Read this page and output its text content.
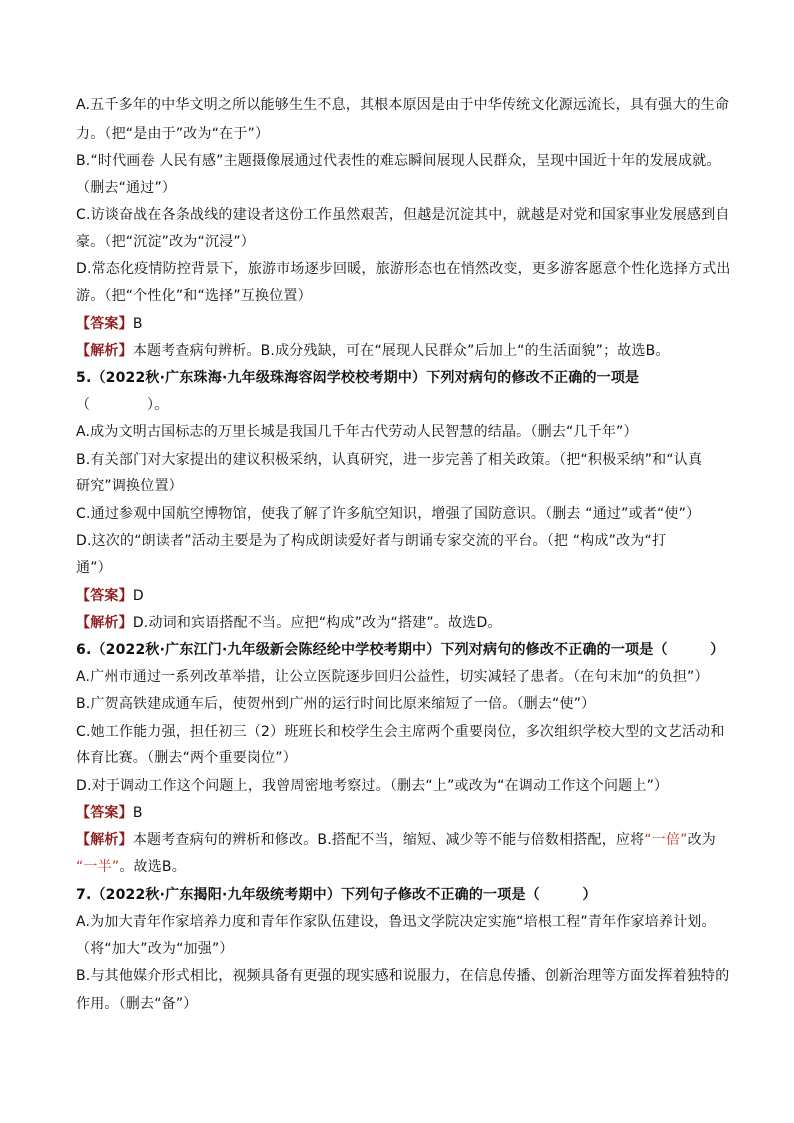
A.五千多年的中华文明之所以能够生生不息，其根本原因是由于中华传统文化源远流长，具有强大的生命
力。（把“是由于”改为“在于”）
B.“时代画卷 人民有感”主题摄像展通过代表性的难忘瞬间展现人民群众，呈现中国近十年的发展成就。
（删去“通过”）
C.访谈奋战在各条战线的建设者这份工作虽然艰苦，但越是沉淀其中，就越是对党和国家事业发展感到自
豪。（把“沉淀”改为“沉浸”）
D.常态化疫情防控背景下，旅游市场逐步回暖，旅游形态也在悄然改变，更多游客愿意个性化选择方式出
游。（把“个性化”和“选择”互换位置）
【答案】B
【解析】本题考查病句辨析。B.成分残缺，可在“展现人民群众”后加上“的生活面貌”；故选B。
5.（2022秋·广东珠海·九年级珠海容闳学校校考期中）下列对病句的修改不正确的一项是
（　　　　）。
A.成为文明古国标志的万里长城是我国几千年古代劳动人民智慧的结晶。（删去“几千年”）
B.有关部门对大家提出的建议积极采纳，认真研究，进一步完善了相关政策。（把“积极采纳”和“认真
研究”调换位置）
C.通过参观中国航空博物馆，使我了解了许多航空知识，增强了国防意识。（删去 “通过”或者“使”）
D.这次的“朗读者”活动主要是为了构成朗读爱好者与朗诵专家交流的平台。（把 “构成”改为“打
通”）
【答案】D
【解析】D.动词和宾语搭配不当。应把“构成”改为“搭建”。故选D。
6.（2022秋·广东江门·九年级新会陈经纶中学校考期中）下列对病句的修改不正确的一项是（　　　）
A.广州市通过一系列改革举措，让公立医院逐步回归公益性，切实减轻了患者。（在句末加“的负担”）
B.广贺高铁建成通车后，使贺州到广州的运行时间比原来缩短了一倍。（删去“使”）
C.她工作能力强，担任初三（2）班班长和校学生会主席两个重要岗位，多次组织学校大型的文艺活动和
体育比赛。（删去“两个重要岗位”）
D.对于调动工作这个问题上，我曾周密地考察过。（删去“上”或改为“在调动工作这个问题上”）
【答案】B
【解析】本题考查病句的辨析和修改。B.搭配不当，缩短、减少等不能与倍数相搭配，应将“一倍”改为
“一半”。故选B。
7.（2022秋·广东揭阳·九年级统考期中）下列句子修改不正确的一项是（　　　）
A.为加大青年作家培养力度和青年作家队伍建设，鲁迅文学院决定实施“培根工程”青年作家培养计划。
（将“加大”改为“加强”）
B.与其他媒介形式相比，视频具备有更强的现实感和说服力，在信息传播、创新治理等方面发挥着独特的
作用。（删去“备”）
